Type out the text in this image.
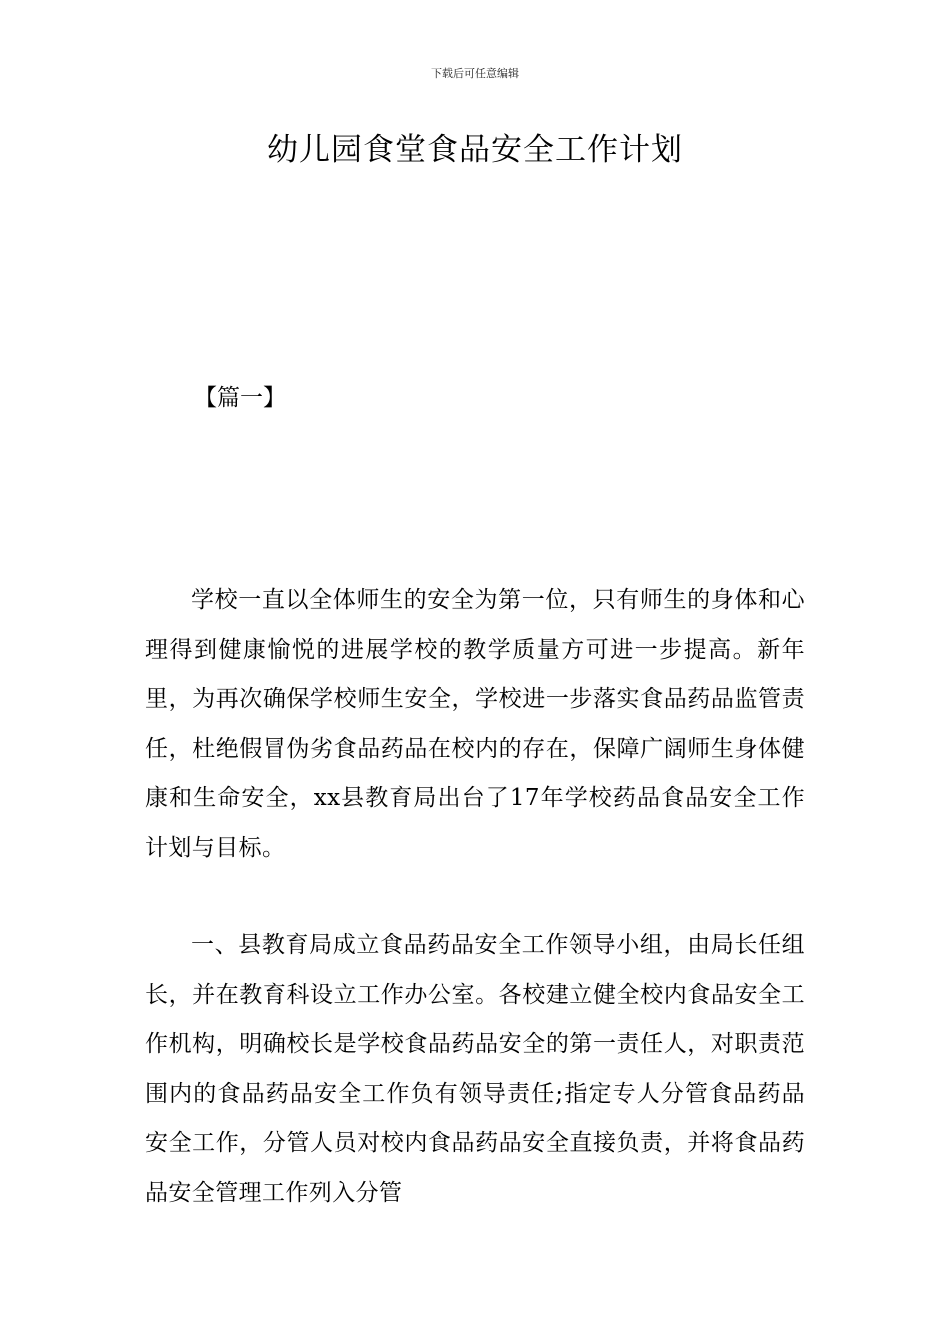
下载后可任意编辑
幼儿园食堂食品安全工作计划
【篇一】

学校一直以全体师生的安全为第一位，只有师生的身体和心理得到健康愉悦的进展学校的教学质量方可进一步提高。新年里，为再次确保学校师生安全，学校进一步落实食品药品监管责任，杜绝假冒伪劣食品药品在校内的存在，保障广阔师生身体健康和生命安全，xx县教育局出台了17年学校药品食品安全工作计划与目标。

一、县教育局成立食品药品安全工作领导小组，由局长任组长，并在教育科设立工作办公室。各校建立健全校内食品安全工作机构，明确校长是学校食品药品安全的第一责任人，对职责范围内的食品药品安全工作负有领导责任;指定专人分管食品药品安全工作，分管人员对校内食品药品安全直接负责，并将食品药品安全管理工作列入分管
